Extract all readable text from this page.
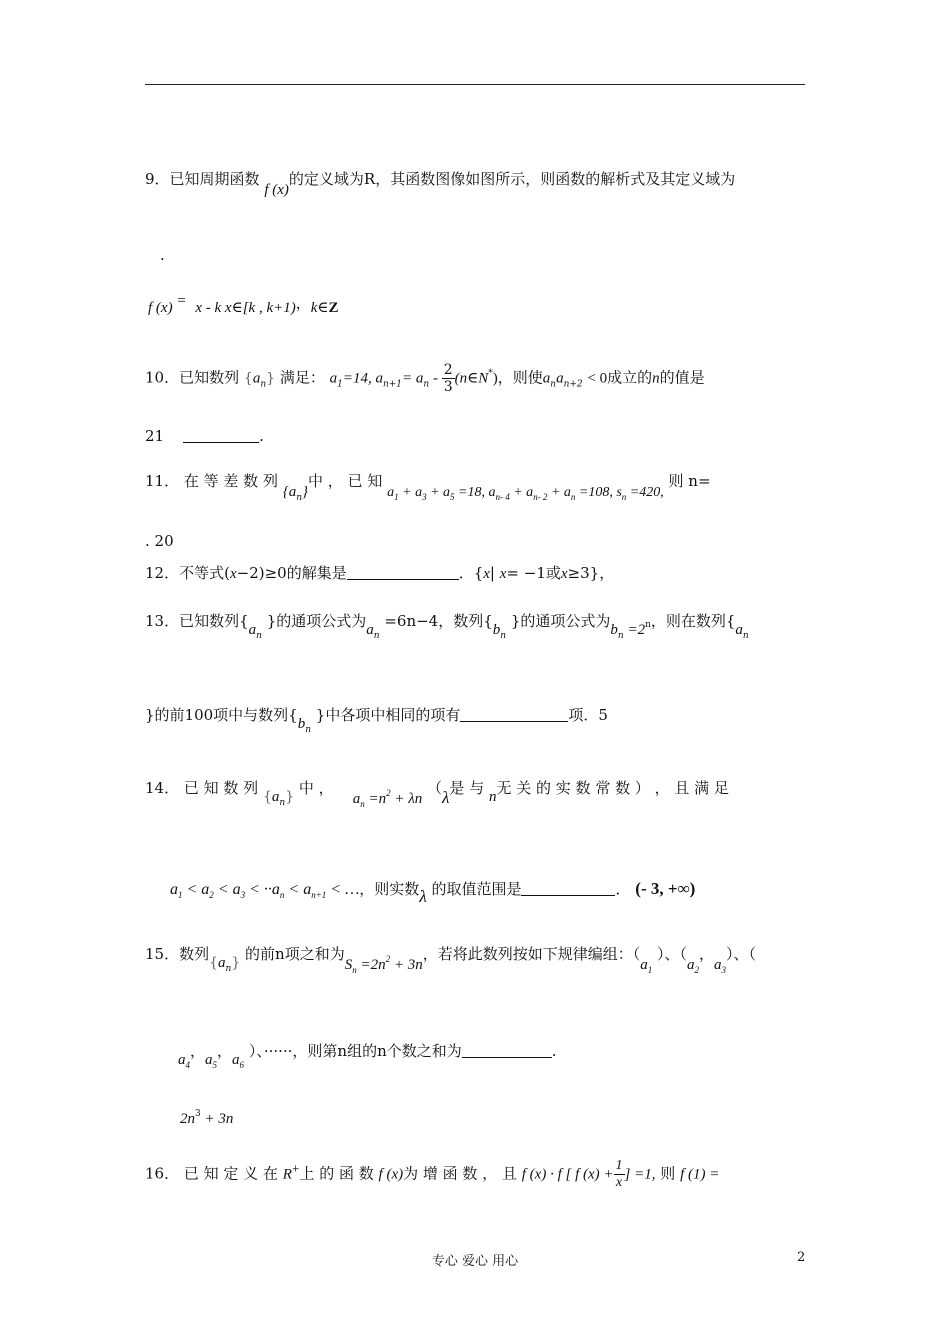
9．已知周期函数 f (x)的定义域为R，其函数图像如图所示，则函数的解析式及其定义域为
.
f (x) = x - k x∈[k , k+1)，k∈Z
10．已知数列 $\{a_n\}$ 满足： $a_1=14$, $a_{n+1}= a_n - \frac{2}{3}$ (n∈N*)，则使$a_na_{n+2} < 0$成立的n的值是
21	.
11． 在 等 差 数 列 $\{a_n\}$中 ， 已 知 $a_1 + a_3 + a_5 =18$, $a_{n- 4} + a_{n- 2} + a_n =108$, $s_n =420$, 则 n=
. 20
12．不等式(x−2)≥0的解集是	．{x| x= −1或x≥3}，
13．已知数列{$a_n$ }的通项公式为$a_n =6n-4$，数列{$b_n$ }的通项公式为$b_n =2^n$，则在数列{$a_n$
}的前100项中与数列{$b_n$ }中各项中相同的项有	项．5
14． 已 知 数 列 $\{a_n\}$ 中 ，    $a_n =n^2 + \lambda n$ （λ是 与 n无 关 的 实 数 常 数 ） ， 且 满 足
$a_1 < a_2 < a_3 < \cdot\cdot a_n < a_{n+1}$ < …，则实数λ 的取值范围是	． (- 3, +∞)
15．数列$\{a_n\}$ 的前n项之和为$S_n =2n^2 + 3n$，若将此数列按如下规律编组：（$a_1$ ）、（$a_2$，$a_3$）、（
$a_4$，$a_5$，$a_6$ ）、······，则第n组的n个数之和为	.
$2n^3 + 3n$
16． 已 知 定 义 在 R+上 的 函 数 f (x)为 增 函 数 ， 且 f (x) · f [ f $(x) + \frac{1}{x}$ ] =1, 则 f (1) =
专心 爱心 用心	2
